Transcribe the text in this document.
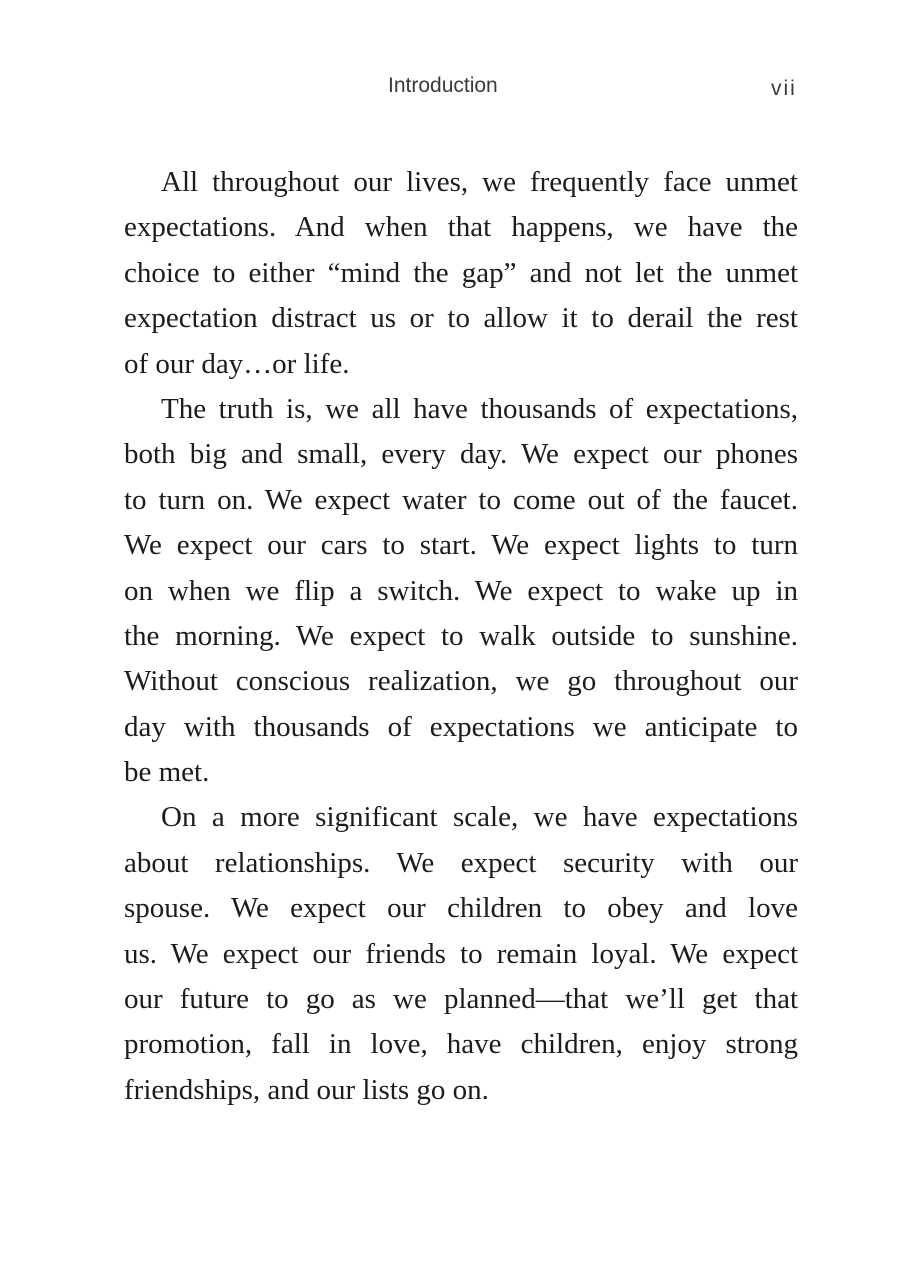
Introduction	vii
All throughout our lives, we frequently face unmet
expectations. And when that happens, we have the
choice to either “mind the gap” and not let the unmet
expectation distract us or to allow it to derail the rest
of our day…or life.
The truth is, we all have thousands of expectations,
both big and small, every day. We expect our phones
to turn on. We expect water to come out of the faucet.
We expect our cars to start. We expect lights to turn
on when we flip a switch. We expect to wake up in
the morning. We expect to walk outside to sunshine.
Without conscious realization, we go throughout our
day with thousands of expectations we anticipate to
be met.
On a more significant scale, we have expectations
about relationships. We expect security with our
spouse. We expect our children to obey and love
us. We expect our friends to remain loyal. We expect
our future to go as we planned—that we’ll get that
promotion, fall in love, have children, enjoy strong
friendships, and our lists go on.
